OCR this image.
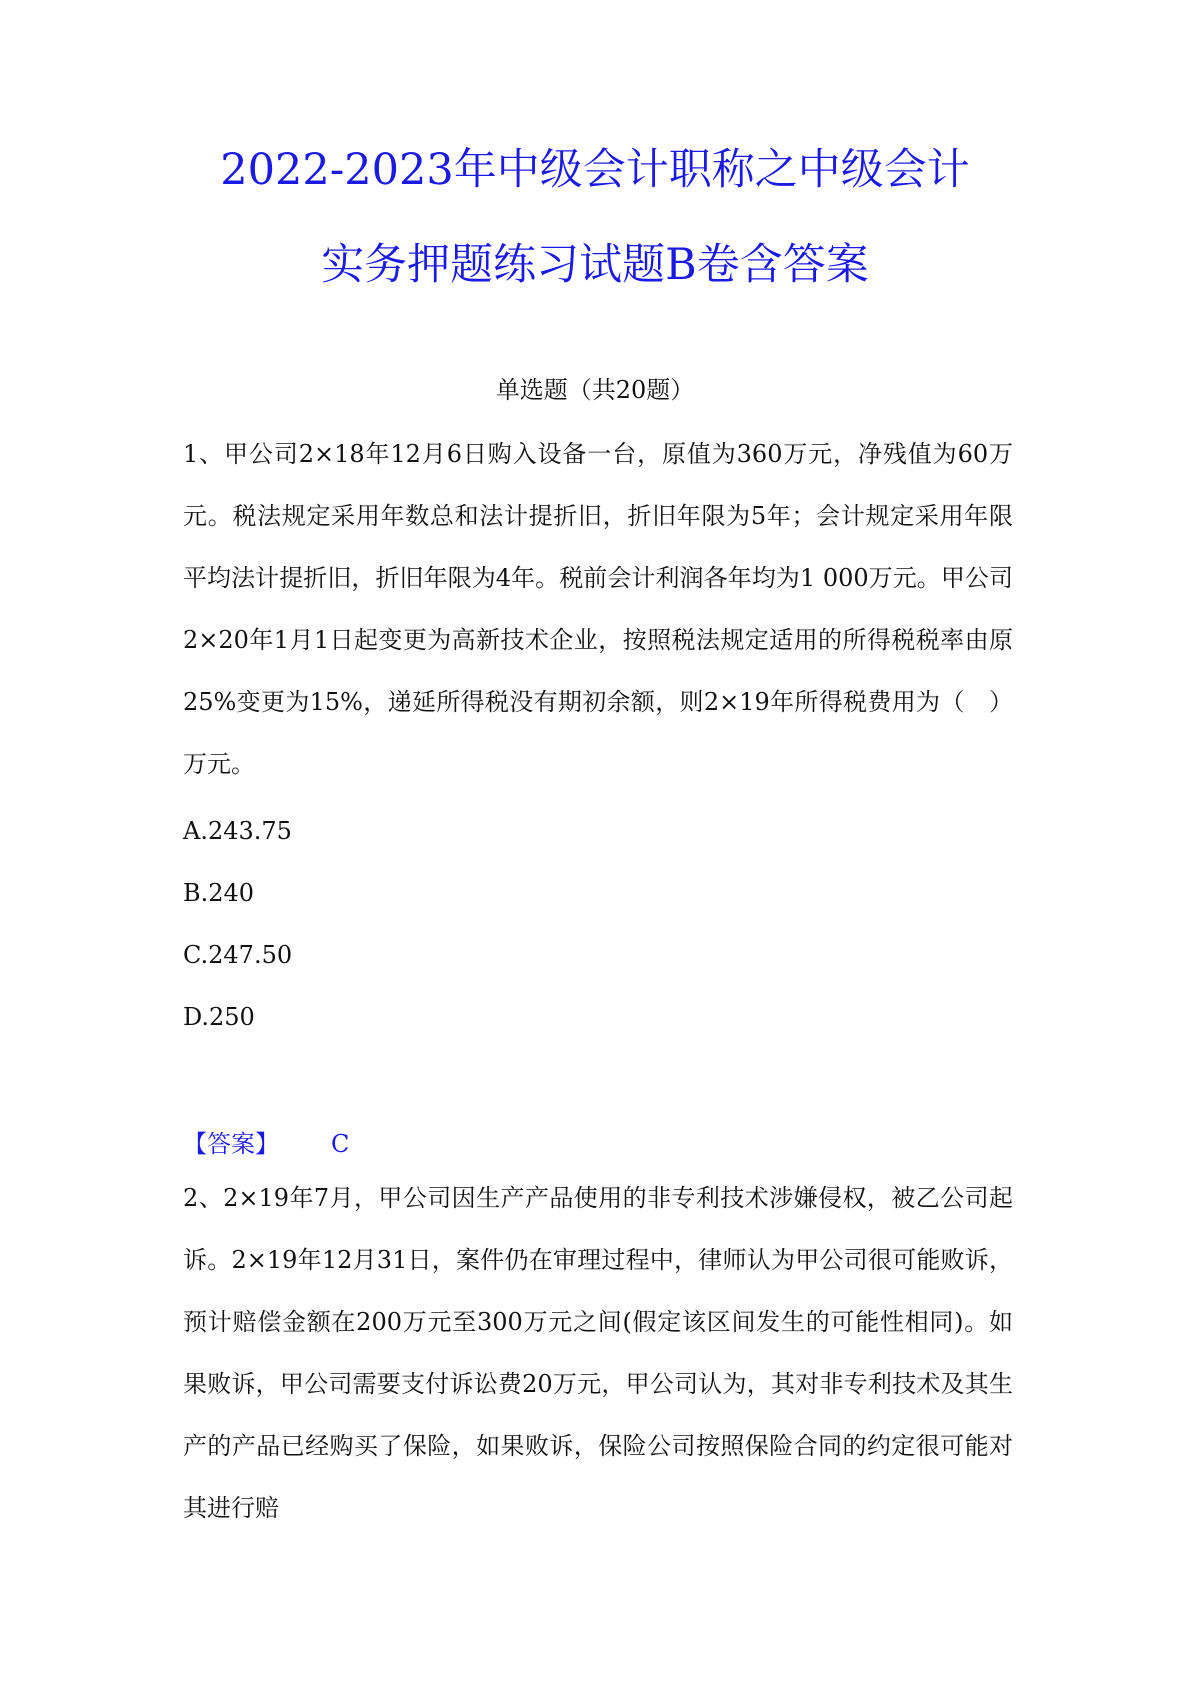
2022-2023年中级会计职称之中级会计
实务押题练习试题B卷含答案
单选题（共20题）

1、甲公司2×18年12月6日购入设备一台，原值为360万元，净残值为60万元。税法规定采用年数总和法计提折旧，折旧年限为5年；会计规定采用年限平均法计提折旧，折旧年限为4年。税前会计利润各年均为1 000万元。甲公司2×20年1月1日起变更为高新技术企业，按照税法规定适用的所得税税率由原25%变更为15%，递延所得税没有期初余额，则2×19年所得税费用为（　）万元。

A.243.75
B.240
C.247.50
D.250
【答案】 C

2、2×19年7月，甲公司因生产产品使用的非专利技术涉嫌侵权，被乙公司起诉。2×19年12月31日，案件仍在审理过程中，律师认为甲公司很可能败诉，预计赔偿金额在200万元至300万元之间(假定该区间发生的可能性相同)。如果败诉，甲公司需要支付诉讼费20万元，甲公司认为，其对非专利技术及其生产的产品已经购买了保险，如果败诉，保险公司按照保险合同的约定很可能对其进行赔
